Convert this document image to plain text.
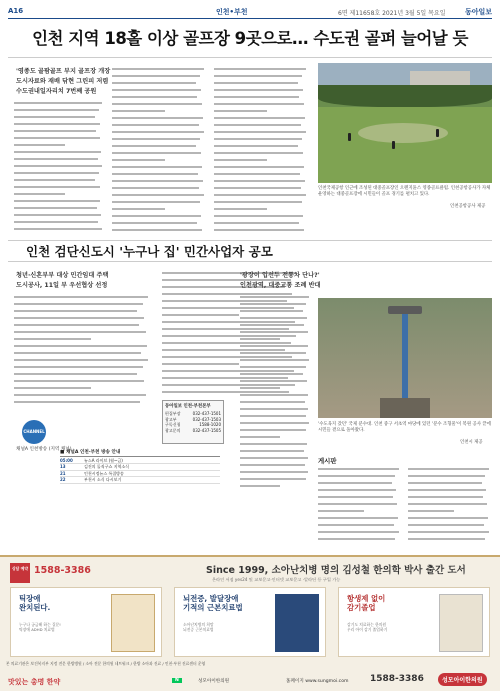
A16	인천•부천	6면 제11658호 2021년 3월 5일 목요일	동아일보
인천 지역 18홀 이상 골프장 9곳으로… 수도권 골퍼 늘어날 듯
'영종도 골팜골프 부지 골프장 개장
도시자료와 재배 닦현 그린피 저렴
수도권내일자리치 7번째 공원
인천국제공항 인근에 조성된 대중골프장인 오렌지듄스 영종골프클럽. 인천공항공사가 자체 운영하는 대중골프장에 시민들이 골프 경기를 펼치고 있다.
인천공항공사 제공
인천 검단신도시 '누구나 집' 민간사업자 공모
청년·신혼부부 대상 민간임대 주택
도시공사, 11일 부 우선협상 선정
동아일보 인천·부천본부
편집부장	032-437-1501
광고부	032-437-1503
구독신청	1588-1020
광고문의	032-437-1505
CHANNEL A
채널A 인천방송 (지역 채널)
■ 채널A 인천·부천 방송 안내
05:00	뉴스A 라이브 (월~금)
13	김진의 돌직구쇼 지역소식
21	인천시정뉴스 특집방송
22	부천시 소식 다시보기
'광장이 입선두 전통차 단나?'
인천광역, 대중교통 조례 반대
'수도육지 갔던' 국제 분수대. 인천 중구 서초역 마당에 있던 '분수 조형물'이 복원 공사 끝에 시민들 곁으로 돌아왔다.
인천시 제공
게시판
상담 예약 1588-3386	Since 1999, 소아난치병 명의 김성철 한의학 박사 출간 도서
온라인 서점 yes24 및 교보문고·인터넷 교보문고 ·알라딘 등 구입 가능
틱장애
완치된다.
누구나 궁금해 하는 질문!
틱장애 ADHD 치료법
뇌전증, 발달장애
기적의 근본치료법
소아난치병의 희망
뇌전증 근본치료법
항생제 없이
감기졸업
감기도 치료하는 한의원
우리 아이 감기 졸업하기
본 의료기관은 보건복지부 지정 전문 한방병원 / 소아 전문 한의원 네트워크 / 한방 소아과 진료 / 인천·부천 진료센터 운영
맛있는 총명 한약	N	성모아이한의원	홈페이지 www.sungmoi.com 1588-3386	성모아이한의원
